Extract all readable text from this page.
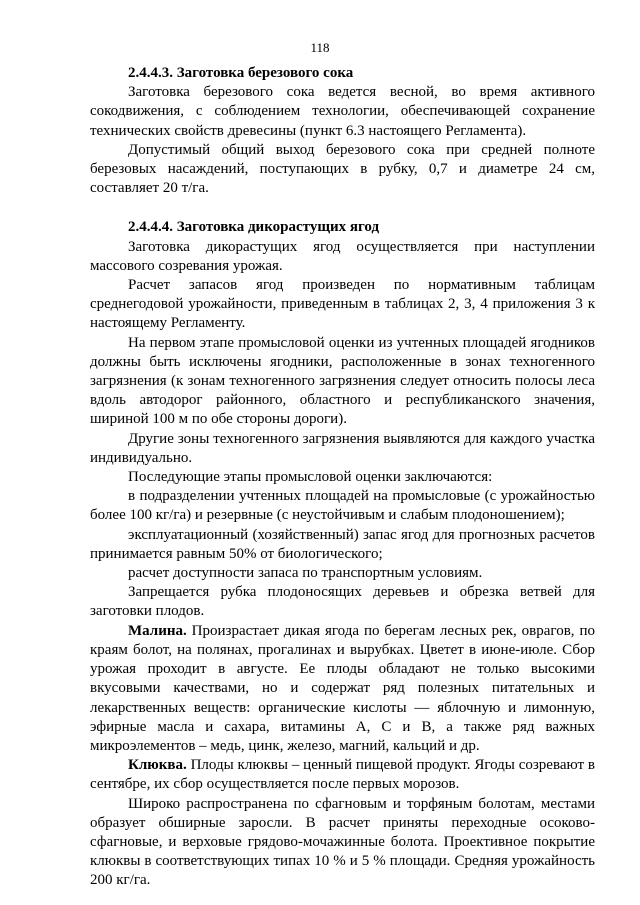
118
2.4.4.3. Заготовка березового сока

Заготовка березового сока ведется весной, во время активного сокодвижения, с соблюдением технологии, обеспечивающей сохранение технических свойств древесины (пункт 6.3 настоящего Регламента).

Допустимый общий выход березового сока при средней полноте березовых насаждений, поступающих в рубку, 0,7 и диаметре 24 см, составляет 20 т/га.

2.4.4.4. Заготовка дикорастущих ягод

Заготовка дикорастущих ягод осуществляется при наступлении массового созревания урожая.

Расчет запасов ягод произведен по нормативным таблицам среднегодовой урожайности, приведенным в таблицах 2, 3, 4 приложения 3 к настоящему Регламенту.

На первом этапе промысловой оценки из учтенных площадей ягодников должны быть исключены ягодники, расположенные в зонах техногенного загрязнения (к зонам техногенного загрязнения следует относить полосы леса вдоль автодорог районного, областного и республиканского значения, шириной 100 м по обе стороны дороги).

Другие зоны техногенного загрязнения выявляются для каждого участка индивидуально.

Последующие этапы промысловой оценки заключаются:

в подразделении учтенных площадей на промысловые (с урожайностью более 100 кг/га) и резервные (с неустойчивым и слабым плодоношением);

эксплуатационный (хозяйственный) запас ягод для прогнозных расчетов принимается равным 50% от биологического;

расчет доступности запаса по транспортным условиям.

Запрещается рубка плодоносящих деревьев и обрезка ветвей для заготовки плодов.

Малина. Произрастает дикая ягода по берегам лесных рек, оврагов, по краям болот, на полянах, прогалинах и вырубках. Цветет в июне-июле. Сбор урожая проходит в августе. Ее плоды обладают не только высокими вкусовыми качествами, но и содержат ряд полезных питательных и лекарственных веществ: органические кислоты — яблочную и лимонную, эфирные масла и сахара, витамины А, С и В, а также ряд важных микроэлементов – медь, цинк, железо, магний, кальций и др.

Клюква. Плоды клюквы – ценный пищевой продукт. Ягоды созревают в сентябре, их сбор осуществляется после первых морозов.

Широко распространена по сфагновым и торфяным болотам, местами образует обширные заросли. В расчет приняты переходные осоково-сфагновые, и верховые грядово-мочажинные болота. Проективное покрытие клюквы в соответствующих типах 10 % и 5 % площади. Средняя урожайность 200 кг/га.
